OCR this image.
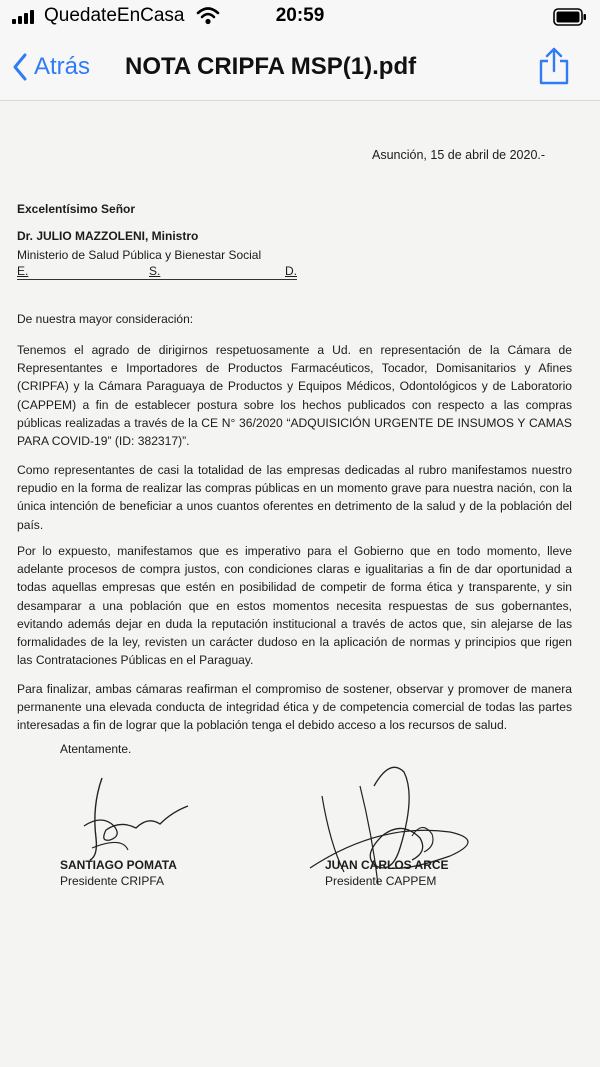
QuedateEnCasa	20:59
Atrás NOTA CRIPFA MSP(1).pdf
Asunción, 15 de abril de 2020.-
Excelentísimo Señor
Dr. JULIO MAZZOLENI, Ministro
Ministerio de Salud Pública y Bienestar Social
E.	S.	D.
De nuestra mayor consideración:

Tenemos el agrado de dirigirnos respetuosamente a Ud. en representación de la Cámara de Representantes e Importadores de Productos Farmacéuticos, Tocador, Domisanitarios y Afines (CRIPFA) y la Cámara Paraguaya de Productos y Equipos Médicos, Odontológicos y de Laboratorio (CAPPEM) a fin de establecer postura sobre los hechos publicados con respecto a las compras públicas realizadas a través de la CE N° 36/2020 “ADQUISICIÓN URGENTE DE INSUMOS Y CAMAS PARA COVID-19” (ID: 382317)”.

Como representantes de casi la totalidad de las empresas dedicadas al rubro manifestamos nuestro repudio en la forma de realizar las compras públicas en un momento grave para nuestra nación, con la única intención de beneficiar a unos cuantos oferentes en detrimento de la salud y de la población del país.

Por lo expuesto, manifestamos que es imperativo para el Gobierno que en todo momento, lleve adelante procesos de compra justos, con condiciones claras e igualitarias a fin de dar oportunidad a todas aquellas empresas que estén en posibilidad de competir de forma ética y transparente, y sin desamparar a una población que en estos momentos necesita respuestas de sus gobernantes, evitando además dejar en duda la reputación institucional a través de actos que, sin alejarse de las formalidades de la ley, revisten un carácter dudoso en la aplicación de normas y principios que rigen las Contrataciones Públicas en el Paraguay.

Para finalizar, ambas cámaras reafirman el compromiso de sostener, observar y promover de manera permanente una elevada conducta de integridad ética y de competencia comercial de todas las partes interesadas a fin de lograr que la población tenga el debido acceso a los recursos de salud.

Atentamente.
SANTIAGO POMATA
Presidente CRIPFA
JUAN CARLOS ARCE
Presidente CAPPEM
